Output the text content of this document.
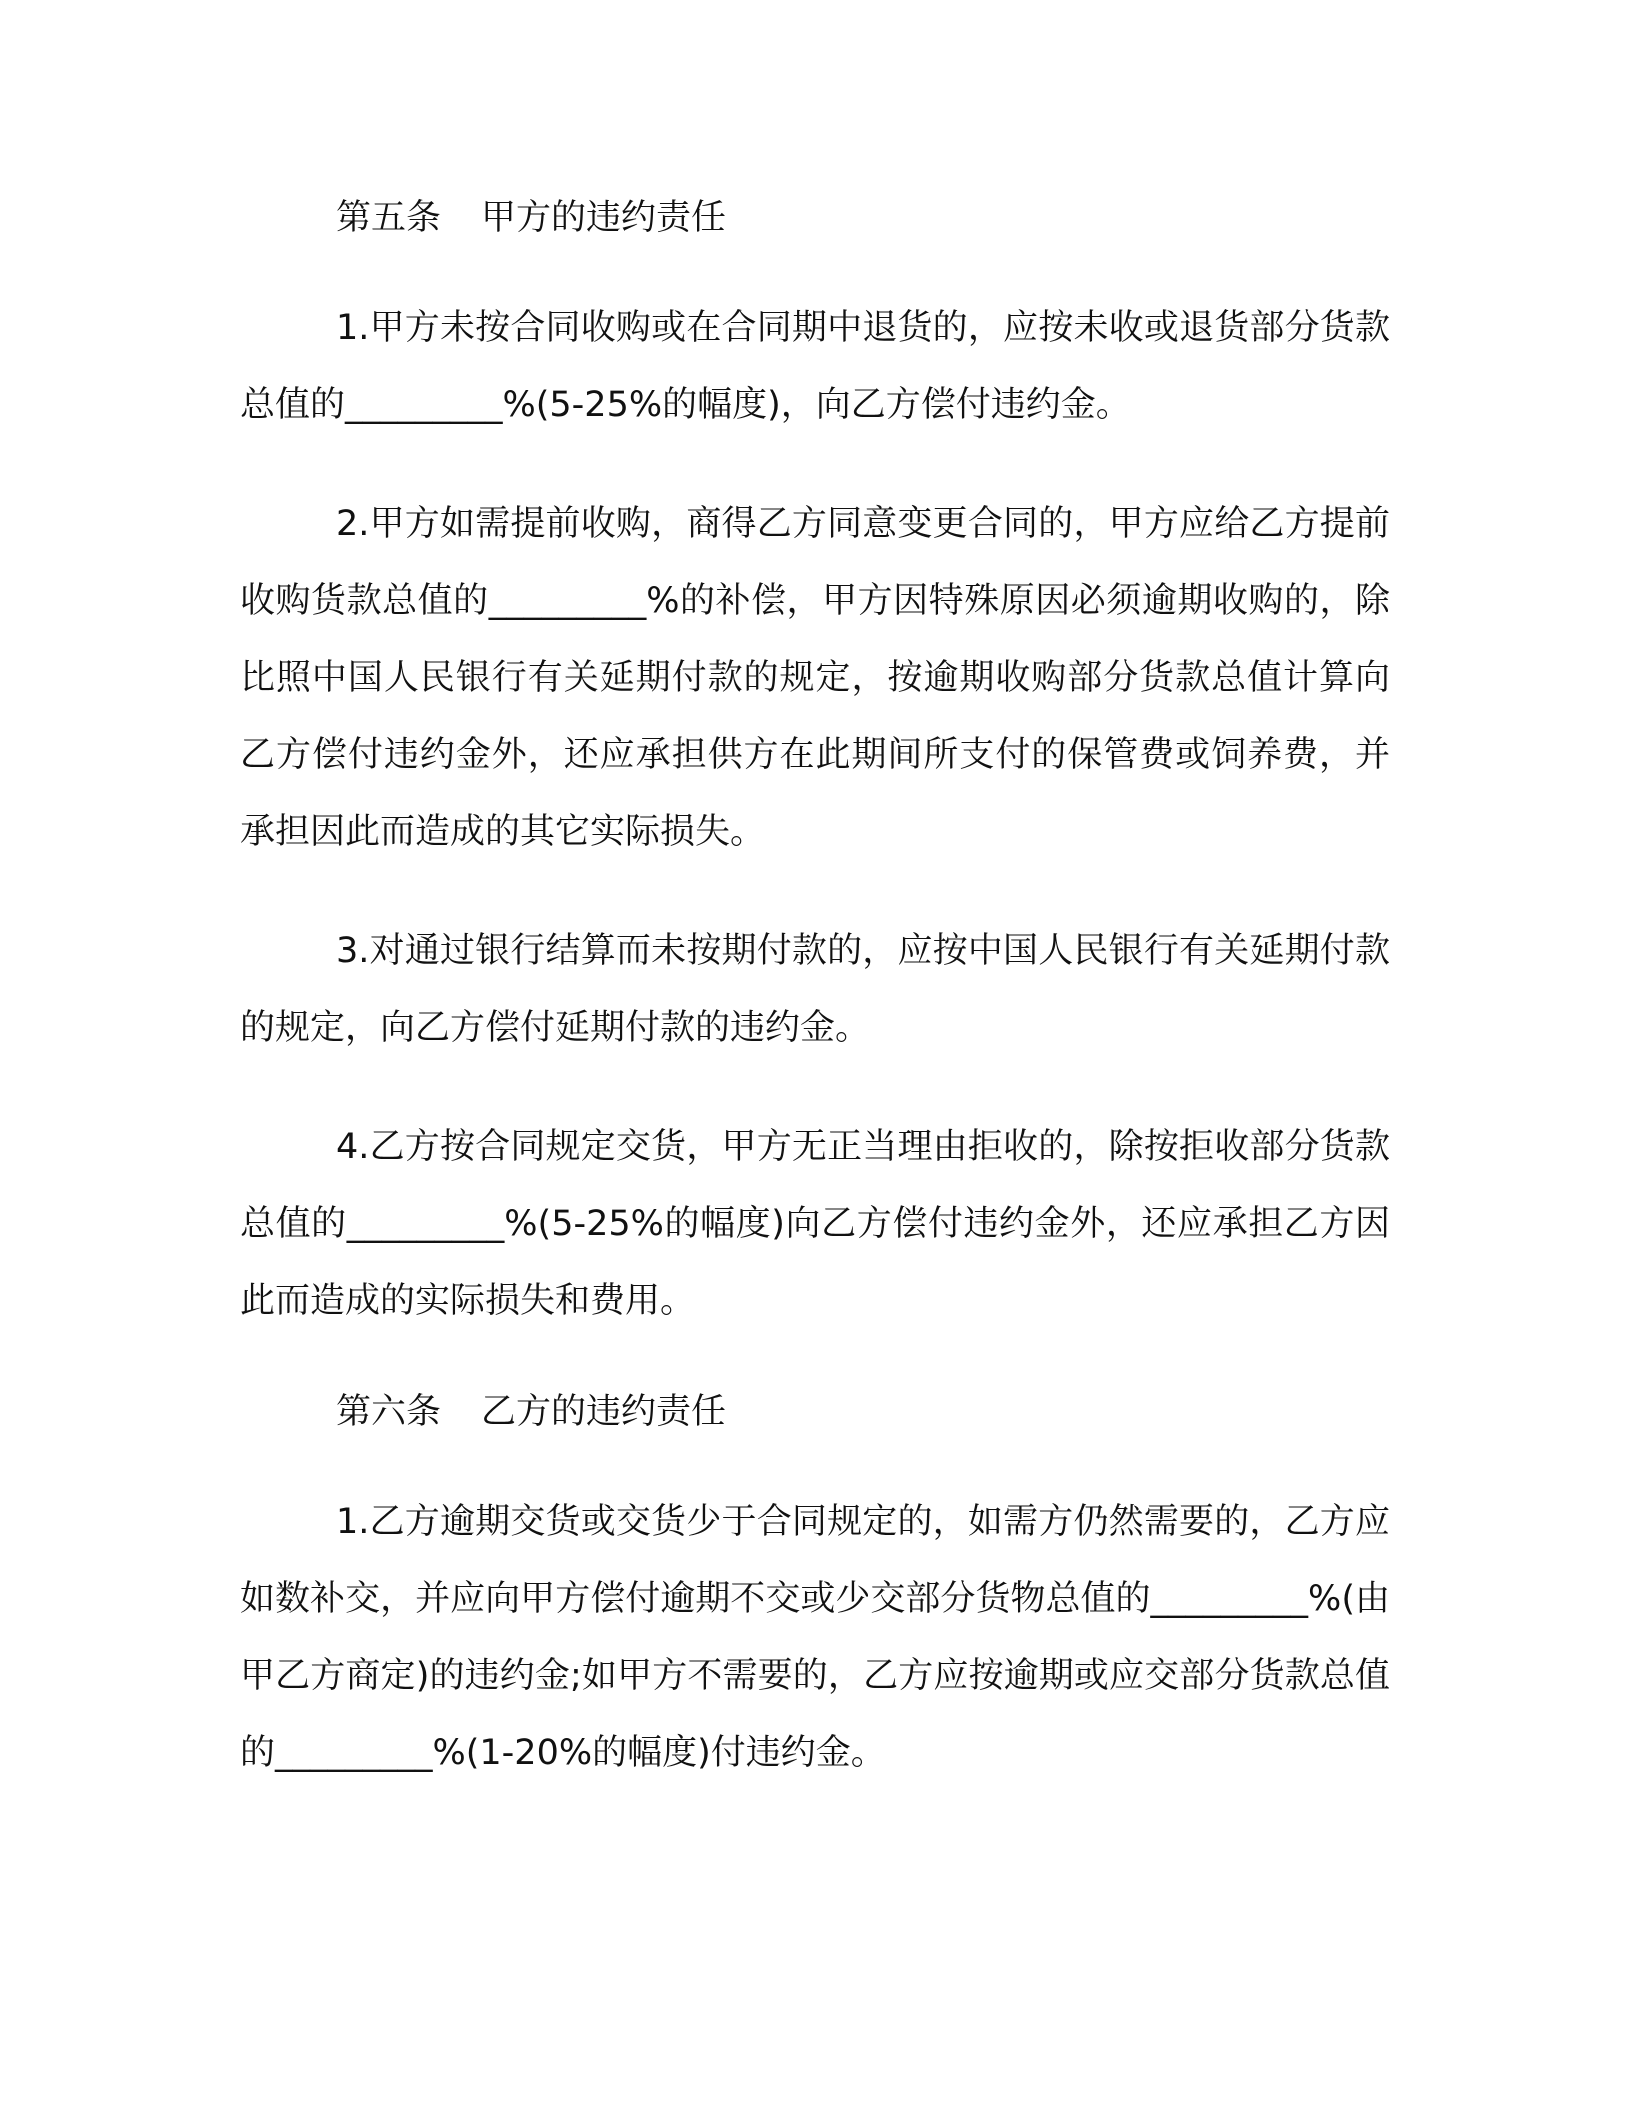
第五条 甲方的违约责任

1.甲方未按合同收购或在合同期中退货的，应按未收或退货部分货款总值的_________%(5-25%的幅度)，向乙方偿付违约金。

2.甲方如需提前收购，商得乙方同意变更合同的，甲方应给乙方提前收购货款总值的_________%的补偿，甲方因特殊原因必须逾期收购的，除比照中国人民银行有关延期付款的规定，按逾期收购部分货款总值计算向乙方偿付违约金外，还应承担供方在此期间所支付的保管费或饲养费，并承担因此而造成的其它实际损失。

3.对通过银行结算而未按期付款的，应按中国人民银行有关延期付款的规定，向乙方偿付延期付款的违约金。

4.乙方按合同规定交货，甲方无正当理由拒收的，除按拒收部分货款总值的_________%(5-25%的幅度)向乙方偿付违约金外，还应承担乙方因此而造成的实际损失和费用。

第六条 乙方的违约责任

1.乙方逾期交货或交货少于合同规定的，如需方仍然需要的，乙方应如数补交，并应向甲方偿付逾期不交或少交部分货物总值的_________%(由甲乙方商定)的违约金;如甲方不需要的，乙方应按逾期或应交部分货款总值的_________%(1-20%的幅度)付违约金。
